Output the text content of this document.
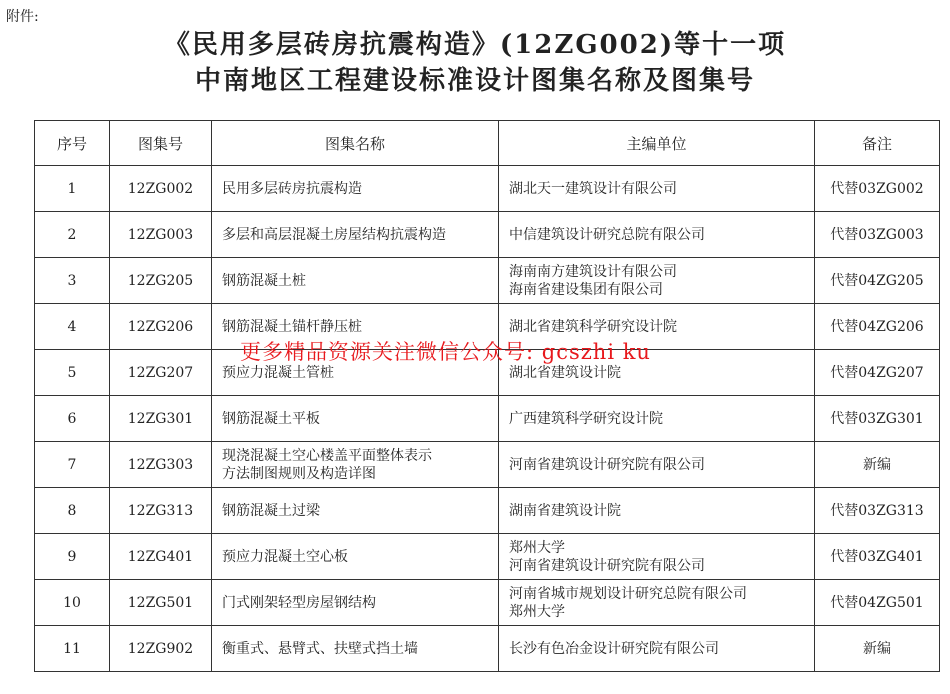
附件:
《民用多层砖房抗震构造》(12ZG002)等十一项
中南地区工程建设标准设计图集名称及图集号
序号	图集号	图集名称	主编单位	备注
1	12ZG002	民用多层砖房抗震构造	湖北天一建筑设计有限公司	代替03ZG002
2	12ZG003	多层和高层混凝土房屋结构抗震构造	中信建筑设计研究总院有限公司	代替03ZG003
3	12ZG205	钢筋混凝土桩	海南南方建筑设计有限公司
海南省建设集团有限公司	代替04ZG205
4	12ZG206	钢筋混凝土锚杆静压桩	湖北省建筑科学研究设计院	代替04ZG206
5	12ZG207	预应力混凝土管桩	湖北省建筑设计院	代替04ZG207
6	12ZG301	钢筋混凝土平板	广西建筑科学研究设计院	代替03ZG301
7	12ZG303	现浇混凝土空心楼盖平面整体表示
方法制图规则及构造详图	河南省建筑设计研究院有限公司	新编
8	12ZG313	钢筋混凝土过梁	湖南省建筑设计院	代替03ZG313
9	12ZG401	预应力混凝土空心板	郑州大学
河南省建筑设计研究院有限公司	代替03ZG401
10	12ZG501	门式刚架轻型房屋钢结构	河南省城市规划设计研究总院有限公司
郑州大学	代替04ZG501
11	12ZG902	衡重式、悬臂式、扶壁式挡土墙	长沙有色冶金设计研究院有限公司	新编
更多精品资源关注微信公众号: gcszhi ku
